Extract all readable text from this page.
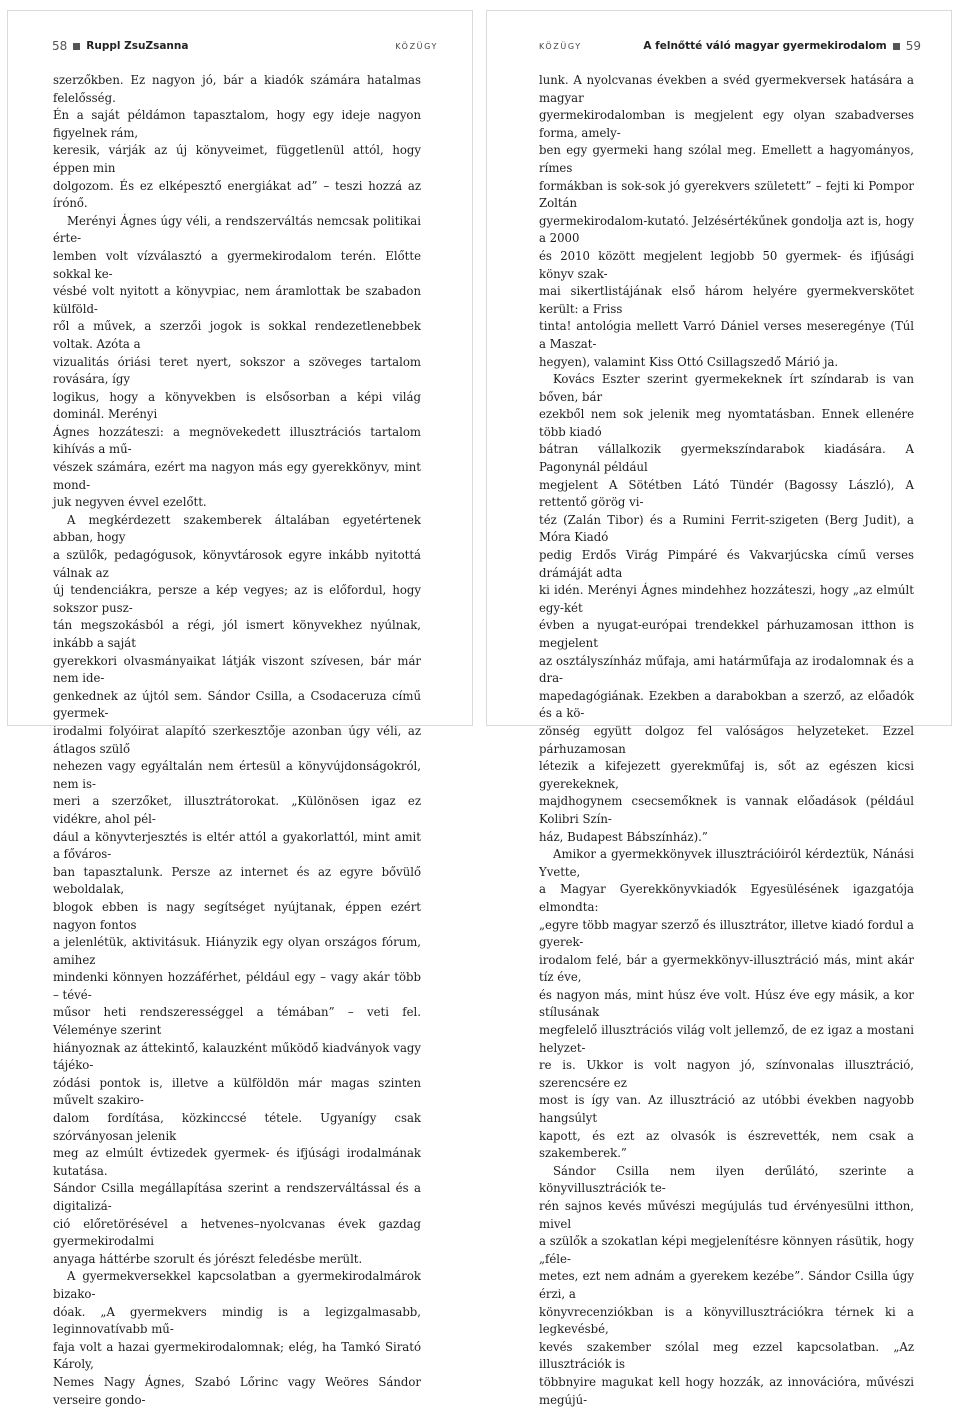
58 Ruppl ZsuZsanna	KÖZÜGY

szerzőkben. Ez nagyon jó, bár a kiadók számára hatalmas felelősség.
Én a saját példámon tapasztalom, hogy egy ideje nagyon figyelnek rám,
keresik, várják az új könyveimet, függetlenül attól, hogy éppen min
dolgozom. És ez elképesztő energiákat ad” – teszi hozzá az írónő.

Merényi Ágnes úgy véli, a rendszerváltás nemcsak politikai érte-
lemben volt vízválasztó a gyermekirodalom terén. Előtte sokkal ke-
vésbé volt nyitott a könyvpiac, nem áramlottak be szabadon külföld-
ről a művek, a szerzői jogok is sokkal rendezetlenebbek voltak. Azóta a
vizualitás óriási teret nyert, sokszor a szöveges tartalom rovására, így
logikus, hogy a könyvekben is elsősorban a képi világ dominál. Merényi
Ágnes hozzáteszi: a megnövekedett illusztrációs tartalom kihívás a mű-
vészek számára, ezért ma nagyon más egy gyerekkönyv, mint mond-
juk negyven évvel ezelőtt.

A megkérdezett szakemberek általában egyetértenek abban, hogy
a szülők, pedagógusok, könyvtárosok egyre inkább nyitottá válnak az
új tendenciákra, persze a kép vegyes; az is előfordul, hogy sokszor pusz-
tán megszokásból a régi, jól ismert könyvekhez nyúlnak, inkább a saját
gyerekkori olvasmányaikat látják viszont szívesen, bár már nem ide-
genkednek az újtól sem. Sándor Csilla, a Csodaceruza című gyermek-
irodalmi folyóirat alapító szerkesztője azonban úgy véli, az átlagos szülő
nehezen vagy egyáltalán nem értesül a könyvújdonságokról, nem is-
meri a szerzőket, illusztrátorokat. „Különösen igaz ez vidékre, ahol pél-
dául a könyvterjesztés is eltér attól a gyakorlattól, mint amit a főváros-
ban tapasztalunk. Persze az internet és az egyre bővülő weboldalak,
blogok ebben is nagy segítséget nyújtanak, éppen ezért nagyon fontos
a jelenlétük, aktivitásuk. Hiányzik egy olyan országos fórum, amihez
mindenki könnyen hozzáférhet, például egy – vagy akár több – tévé-
műsor heti rendszerességgel a témában” – veti fel. Véleménye szerint
hiányoznak az áttekintő, kalauzként működő kiadványok vagy tájéko-
zódási pontok is, illetve a külföldön már magas szinten művelt szakiro-
dalom fordítása, közkinccsé tétele. Ugyanígy csak szórványosan jelenik
meg az elmúlt évtizedek gyermek- és ifjúsági irodalmának kutatása.
Sándor Csilla megállapítása szerint a rendszerváltással és a digitalizá-
ció előretörésével a hetvenes–nyolcvanas évek gazdag gyermekirodalmi
anyaga háttérbe szorult és jórészt feledésbe merült.

A gyermekversekkel kapcsolatban a gyermekirodalmárok bizako-
dóak. „A gyermekvers mindig is a legizgalmasabb, leginnovatívabb mű-
faja volt a hazai gyermekirodalomnak; elég, ha Tamkó Sirató Károly,
Nemes Nagy Ágnes, Szabó Lőrinc vagy Weöres Sándor verseire gondo-

KÖZÜGY	A felnőtté váló magyar gyermekirodalom 59

lunk. A nyolcvanas években a svéd gyermekversek hatására a magyar
gyermekirodalomban is megjelent egy olyan szabadverses forma, amely-
ben egy gyermeki hang szólal meg. Emellett a hagyományos, rímes
formákban is sok-sok jó gyerekvers született” – fejti ki Pompor Zoltán
gyermekirodalom-kutató. Jelzésértékűnek gondolja azt is, hogy a 2000
és 2010 között megjelent legjobb 50 gyermek- és ifjúsági könyv szak-
mai sikertlistájának első három helyére gyermekverskötet került: a Friss
tinta! antológia mellett Varró Dániel verses meseregénye (Túl a Maszat-
hegyen), valamint Kiss Ottó Csillagszedő Márió ja.

Kovács Eszter szerint gyermekeknek írt színdarab is van bőven, bár
ezekből nem sok jelenik meg nyomtatásban. Ennek ellenére több kiadó
bátran vállalkozik gyermekszíndarabok kiadására. A Pagonynál például
megjelent A Sötétben Látó Tündér (Bagossy László), A rettentő görög vi-
téz (Zalán Tibor) és a Rumini Ferrit-szigeten (Berg Judit), a Móra Kiadó
pedig Erdős Virág Pimpáré és Vakvarjúcska című verses drámáját adta
ki idén. Merényi Ágnes mindehhez hozzáteszi, hogy „az elmúlt egy-két
évben a nyugat-európai trendekkel párhuzamosan itthon is megjelent
az osztályszínház műfaja, ami határműfaja az irodalomnak és a dra-
mapedagógiának. Ezekben a darabokban a szerző, az előadók és a kö-
zönség együtt dolgoz fel valóságos helyzeteket. Ezzel párhuzamosan
létezik a kifejezett gyerekműfaj is, sőt az egészen kicsi gyerekeknek,
majdhogynem csecsemőknek is vannak előadások (például Kolibri Szín-
ház, Budapest Bábszínház).”

Amikor a gyermekkönyvek illusztrációiról kérdeztük, Nánási Yvette,
a Magyar Gyerekkönyvkiadók Egyesülésének igazgatója elmondta:
„egyre több magyar szerző és illusztrátor, illetve kiadó fordul a gyerek-
irodalom felé, bár a gyermekkönyv-illusztráció más, mint akár tíz éve,
és nagyon más, mint húsz éve volt. Húsz éve egy másik, a kor stílusának
megfelelő illusztrációs világ volt jellemző, de ez igaz a mostani helyzet-
re is. Ukkor is volt nagyon jó, színvonalas illusztráció, szerencsére ez
most is így van. Az illusztráció az utóbbi években nagyobb hangsúlyt
kapott, és ezt az olvasók is észrevették, nem csak a szakemberek.”

Sándor Csilla nem ilyen derűlátó, szerinte a könyvillusztrációk te-
rén sajnos kevés művészi megújulás tud érvényesülni itthon, mivel
a szülők a szokatlan képi megjelenítésre könnyen rásütik, hogy „féle-
metes, ezt nem adnám a gyerekem kezébe”. Sándor Csilla úgy érzi, a
könyvrecenziókban is a könyvillusztrációkra térnek ki a legkevésbé,
kevés szakember szólal meg ezzel kapcsolatban. „Az illusztrációk is
többnyire magukat kell hogy hozzák, az innovációra, művészi megújú-
